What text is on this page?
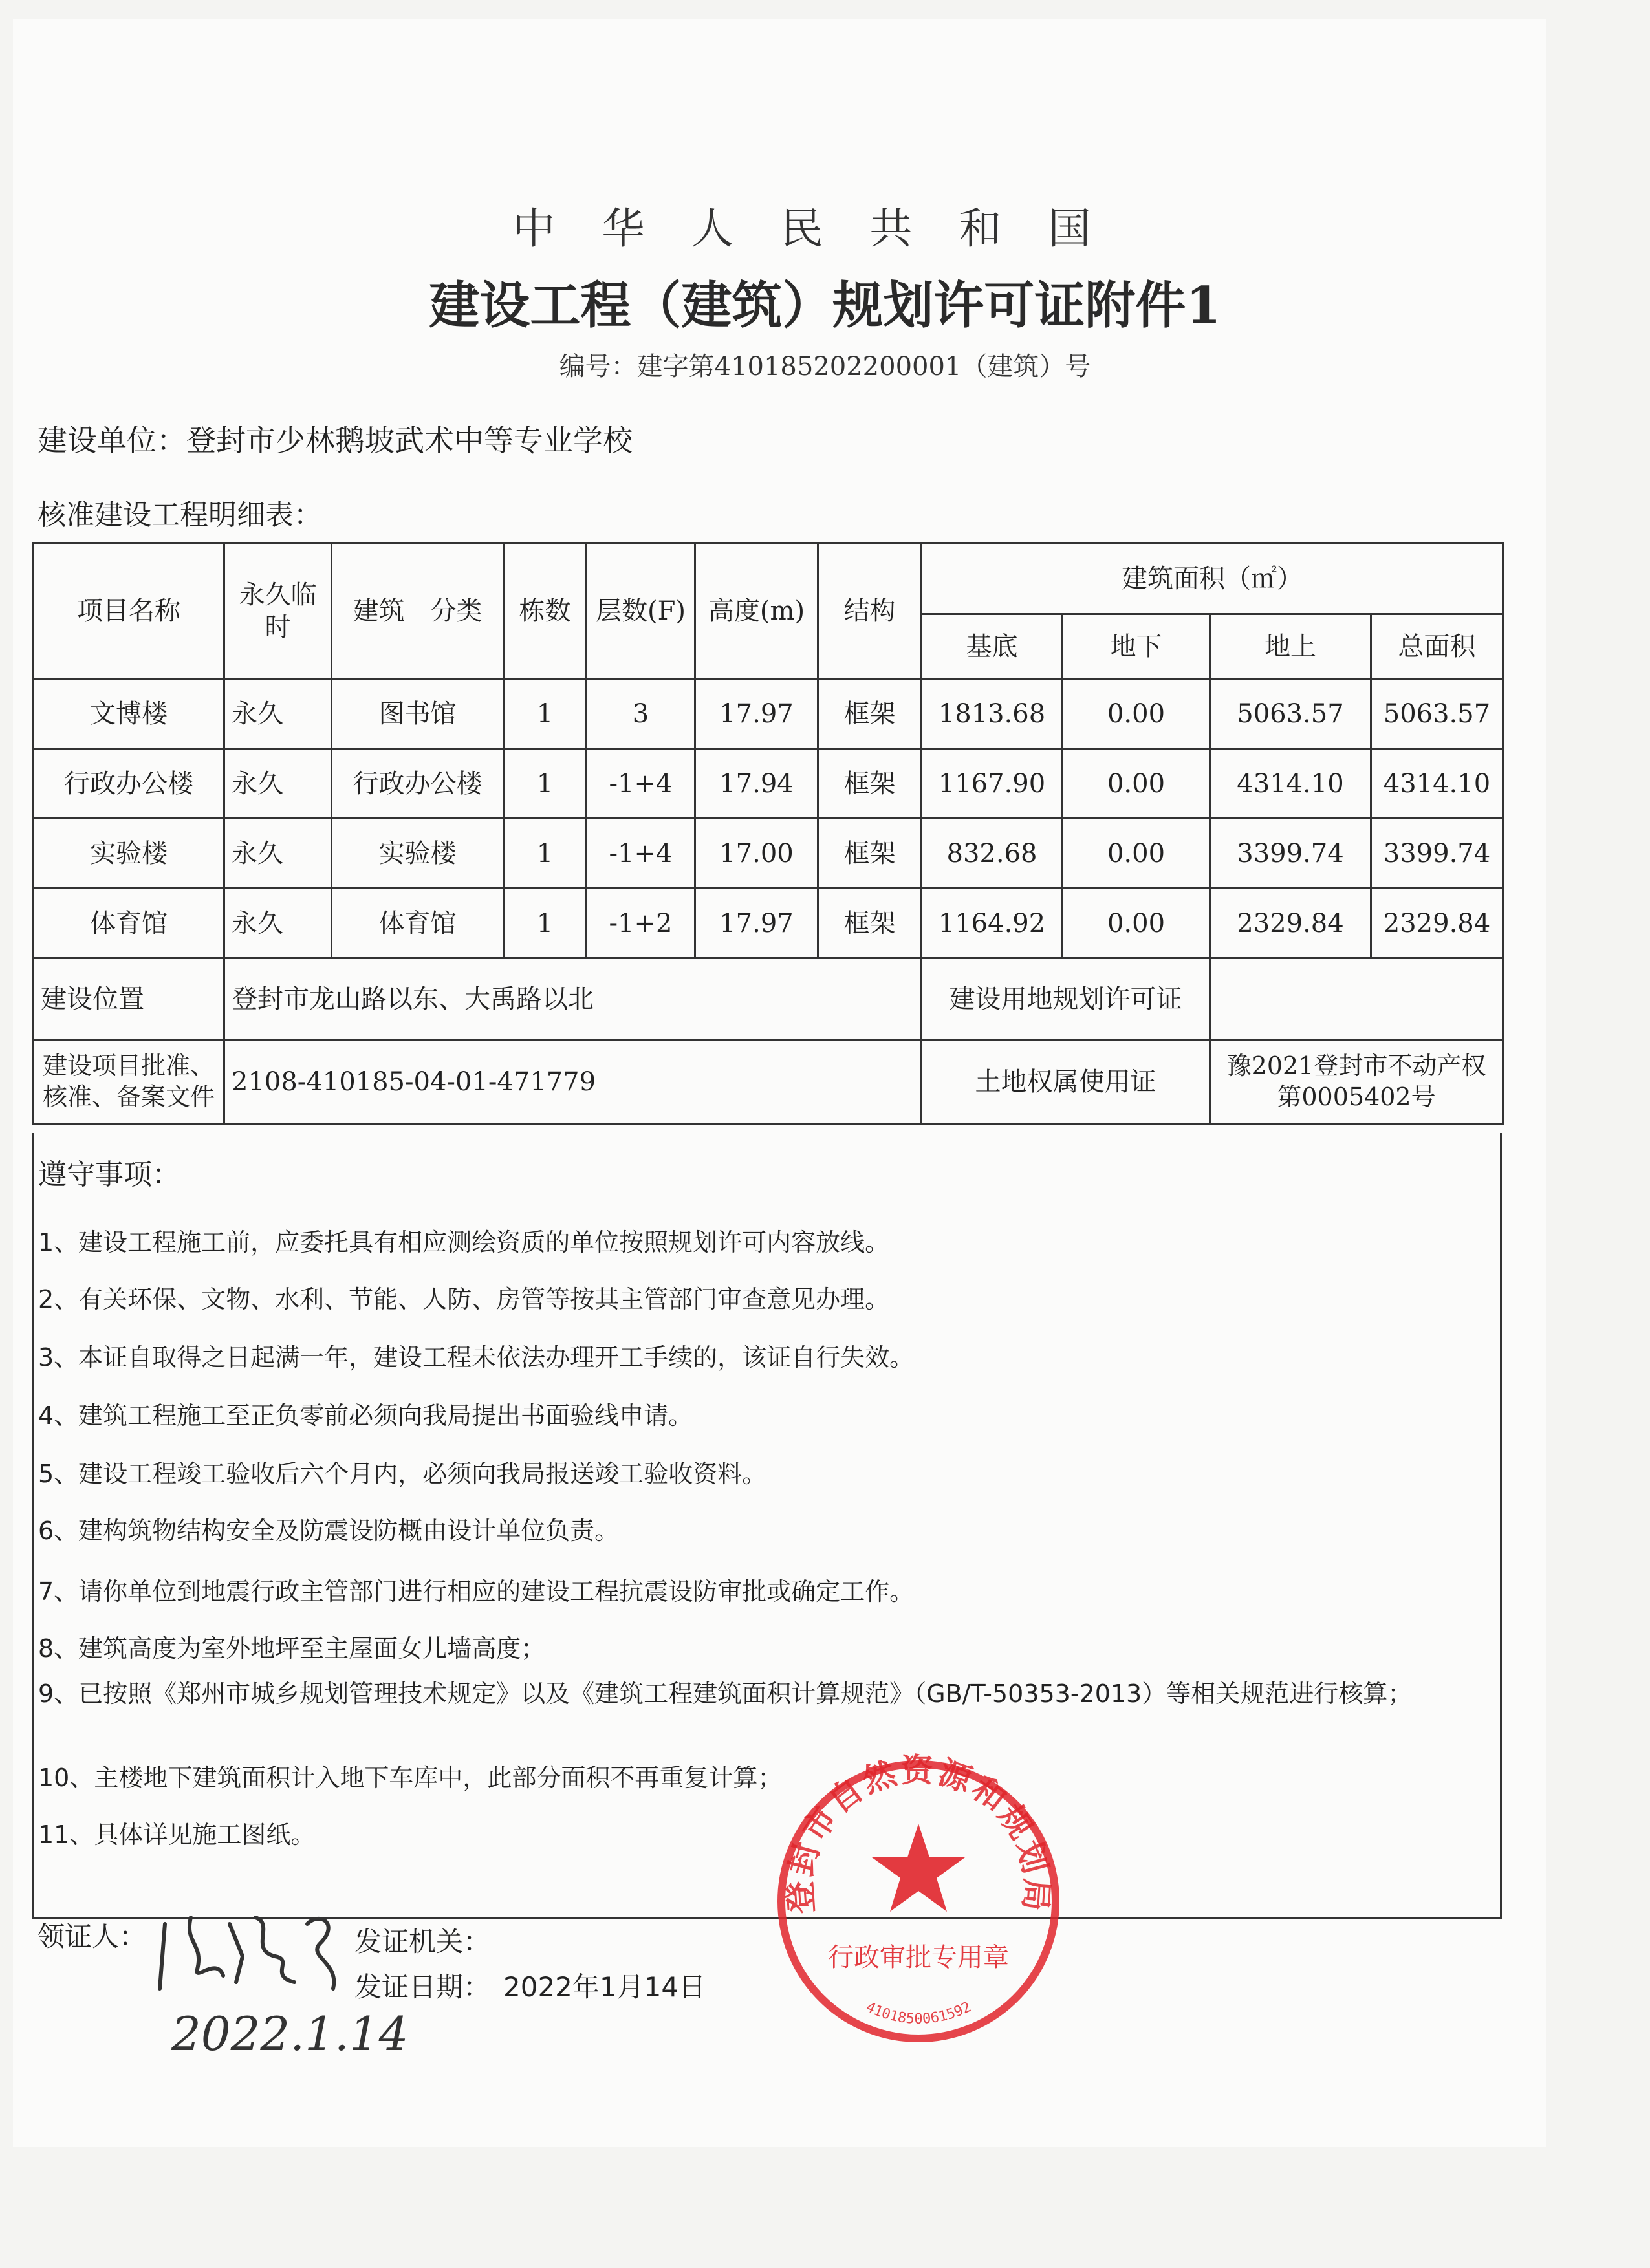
中华人民共和国
建设工程（建筑）规划许可证附件1
编号：建字第410185202200001（建筑）号
建设单位：登封市少林鹅坡武术中等专业学校
核准建设工程明细表：
项目名称	永久临时	建筑　分类	栋数	层数(F)	高度(m)	结构	建筑面积（㎡）			
							基底	地下	地上	总面积
文博楼	永久	图书馆	1	3	17.97	框架	1813.68	0.00	5063.57	5063.57
行政办公楼	永久	行政办公楼	1	-1+4	17.94	框架	1167.90	0.00	4314.10	4314.10
实验楼	永久	实验楼	1	-1+4	17.00	框架	832.68	0.00	3399.74	3399.74
体育馆	永久	体育馆	1	-1+2	17.97	框架	1164.92	0.00	2329.84	2329.84
建设位置	登封市龙山路以东、大禹路以北						建设用地规划许可证			
建设项目批准、核准、备案文件	2108-410185-04-01-471779						土地权属使用证		豫2021登封市不动产权第0005402号	
遵守事项：
1、建设工程施工前，应委托具有相应测绘资质的单位按照规划许可内容放线。
2、有关环保、文物、水利、节能、人防、房管等按其主管部门审查意见办理。
3、本证自取得之日起满一年，建设工程未依法办理开工手续的，该证自行失效。
4、建筑工程施工至正负零前必须向我局提出书面验线申请。
5、建设工程竣工验收后六个月内，必须向我局报送竣工验收资料。
6、建构筑物结构安全及防震设防概由设计单位负责。
7、请你单位到地震行政主管部门进行相应的建设工程抗震设防审批或确定工作。
8、建筑高度为室外地坪至主屋面女儿墙高度；
9、已按照《郑州市城乡规划管理技术规定》以及《建筑工程建筑面积计算规范》（GB/T-50353-2013）等相关规范进行核算；
10、主楼地下建筑面积计入地下车库中，此部分面积不再重复计算；
11、具体详见施工图纸。
领证人：	发证机关：
发证日期： 2022年1月14日
2022.1.14
登封市自然资源和规划局
行政审批专用章
4101850061592
